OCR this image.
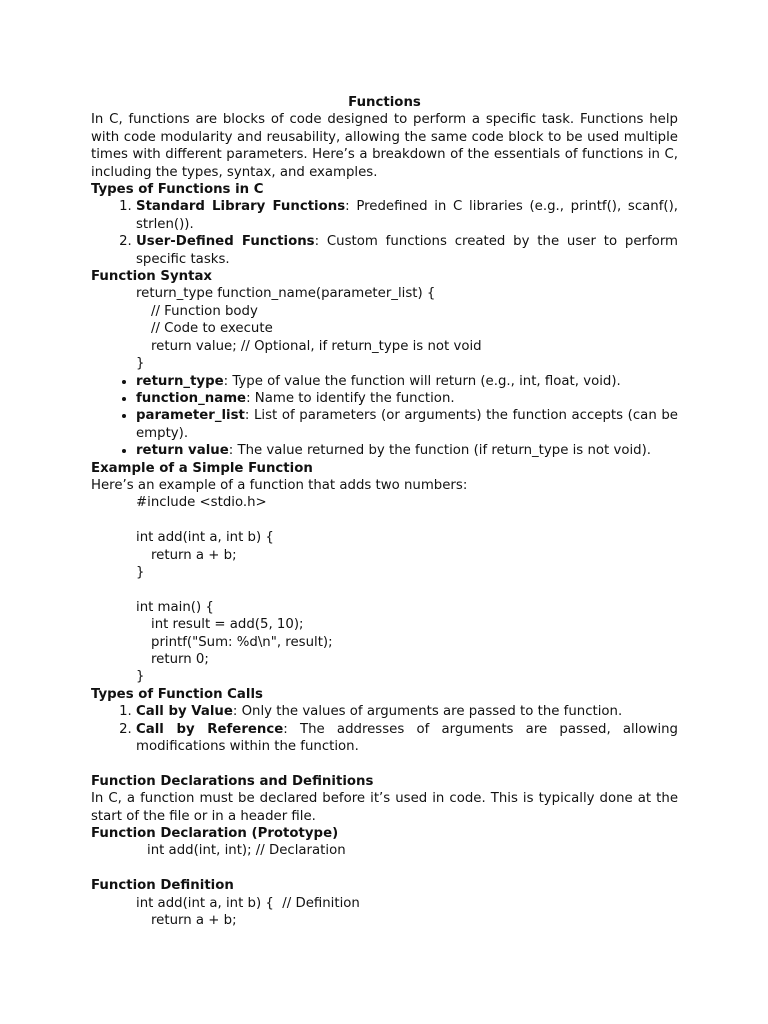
Functions

In C, functions are blocks of code designed to perform a specific task. Functions help with code modularity and reusability, allowing the same code block to be used multiple times with different parameters. Here’s a breakdown of the essentials of functions in C, including the types, syntax, and examples.

Types of Functions in C
1. Standard Library Functions: Predefined in C libraries (e.g., printf(), scanf(), strlen()).
2. User-Defined Functions: Custom functions created by the user to perform specific tasks.
Function Syntax
return_type function_name(parameter_list) {
// Function body
// Code to execute
return value; // Optional, if return_type is not void
}
• return_type: Type of value the function will return (e.g., int, float, void).
• function_name: Name to identify the function.
• parameter_list: List of parameters (or arguments) the function accepts (can be empty).
• return value: The value returned by the function (if return_type is not void).
Example of a Simple Function

Here’s an example of a function that adds two numbers:

#include <stdio.h>
int add(int a, int b) {
return a + b;
}
int main() {
int result = add(5, 10);
printf("Sum: %d\n", result);
return 0;
}
Types of Function Calls
1. Call by Value: Only the values of arguments are passed to the function.
2. Call by Reference: The addresses of arguments are passed, allowing modifications within the function.
Function Declarations and Definitions

In C, a function must be declared before it’s used in code. This is typically done at the start of the file or in a header file.

Function Declaration (Prototype)
int add(int, int); // Declaration
Function Definition
int add(int a, int b) {  // Definition
return a + b;
